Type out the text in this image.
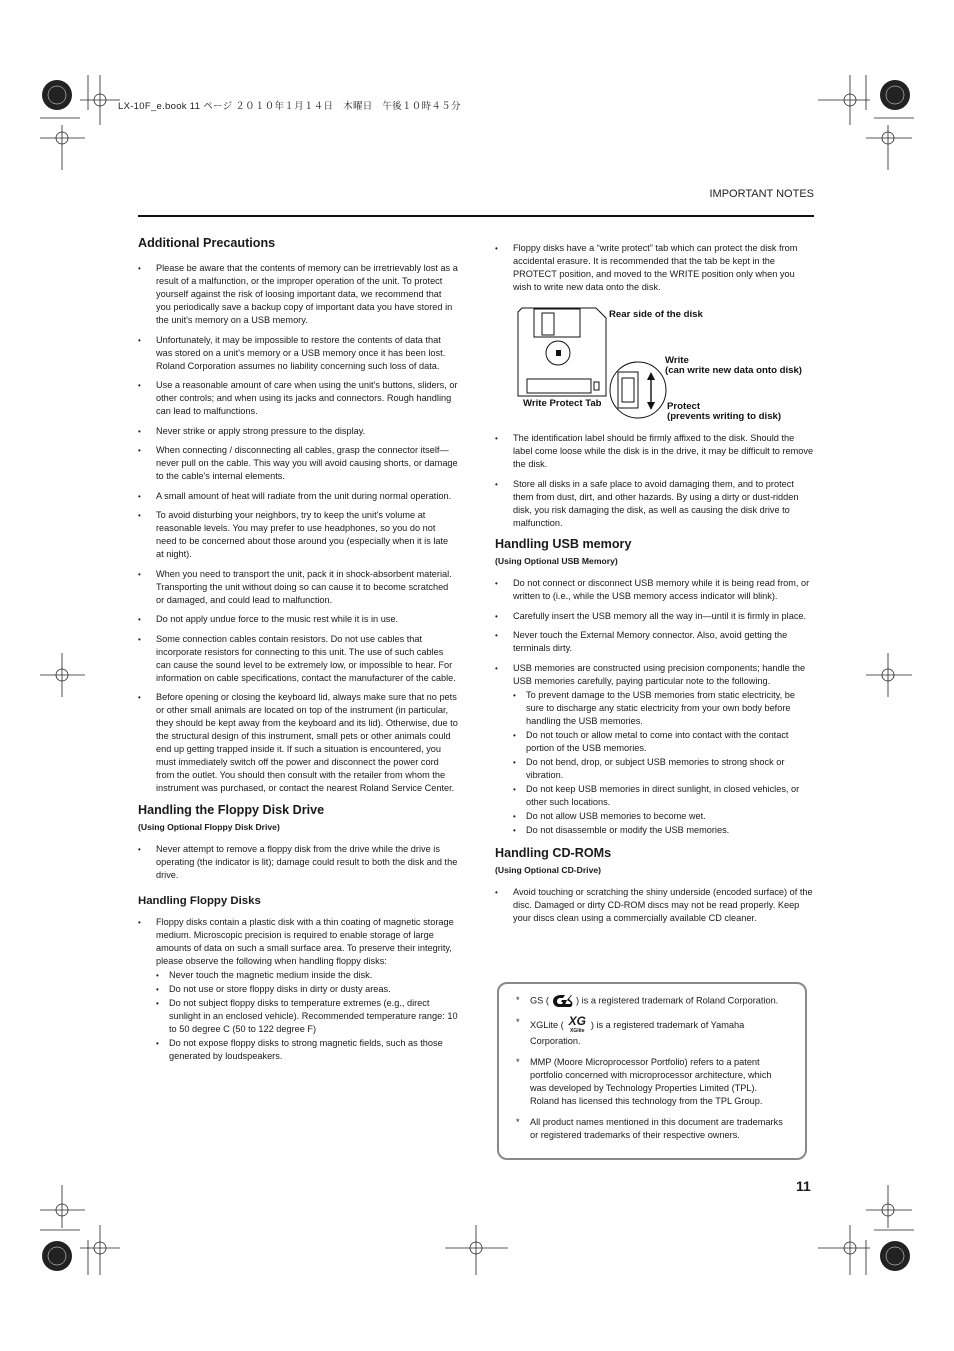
LX-10F_e.book 11 ページ ２０１０年１月１４日　木曜日　午後１０時４５分
IMPORTANT NOTES
Additional Precautions
• Please be aware that the contents of memory can be irretrievably lost as a result of a malfunction, or the improper operation of the unit. To protect yourself against the risk of loosing important data, we recommend that you periodically save a backup copy of important data you have stored in the unit's memory on a USB memory.
• Unfortunately, it may be impossible to restore the contents of data that was stored on a unit's memory or a USB memory once it has been lost. Roland Corporation assumes no liability concerning such loss of data.
• Use a reasonable amount of care when using the unit's buttons, sliders, or other controls; and when using its jacks and connectors. Rough handling can lead to malfunctions.
• Never strike or apply strong pressure to the display.
• When connecting / disconnecting all cables, grasp the connector itself—never pull on the cable. This way you will avoid causing shorts, or damage to the cable's internal elements.
• A small amount of heat will radiate from the unit during normal operation.
• To avoid disturbing your neighbors, try to keep the unit's volume at reasonable levels. You may prefer to use headphones, so you do not need to be concerned about those around you (especially when it is late at night).
• When you need to transport the unit, pack it in shock-absorbent material. Transporting the unit without doing so can cause it to become scratched or damaged, and could lead to malfunction.
• Do not apply undue force to the music rest while it is in use.
• Some connection cables contain resistors. Do not use cables that incorporate resistors for connecting to this unit. The use of such cables can cause the sound level to be extremely low, or impossible to hear. For information on cable specifications, contact the manufacturer of the cable.
• Before opening or closing the keyboard lid, always make sure that no pets or other small animals are located on top of the instrument (in particular, they should be kept away from the keyboard and its lid). Otherwise, due to the structural design of this instrument, small pets or other animals could end up getting trapped inside it. If such a situation is encountered, you must immediately switch off the power and disconnect the power cord from the outlet. You should then consult with the retailer from whom the instrument was purchased, or contact the nearest Roland Service Center.
Handling the Floppy Disk Drive
(Using Optional Floppy Disk Drive)
• Never attempt to remove a floppy disk from the drive while the drive is operating (the indicator is lit); damage could result to both the disk and the drive.
Handling Floppy Disks
• Floppy disks contain a plastic disk with a thin coating of magnetic storage medium. Microscopic precision is required to enable storage of large amounts of data on such a small surface area. To preserve their integrity, please observe the following when handling floppy disks:
• Never touch the magnetic medium inside the disk.
• Do not use or store floppy disks in dirty or dusty areas.
• Do not subject floppy disks to temperature extremes (e.g., direct sunlight in an enclosed vehicle). Recommended temperature range: 10 to 50 degree C (50 to 122 degree F)
• Do not expose floppy disks to strong magnetic fields, such as those generated by loudspeakers.
• Floppy disks have a “write protect” tab which can protect the disk from accidental erasure. It is recommended that the tab be kept in the PROTECT position, and moved to the WRITE position only when you wish to write new data onto the disk.
Rear side of the disk
Write
(can write new data onto disk)
Write Protect Tab	Protect
(prevents writing to disk)
• The identification label should be firmly affixed to the disk. Should the label come loose while the disk is in the drive, it may be difficult to remove the disk.
• Store all disks in a safe place to avoid damaging them, and to protect them from dust, dirt, and other hazards. By using a dirty or dust-ridden disk, you risk damaging the disk, as well as causing the disk drive to malfunction.
Handling USB memory
(Using Optional USB Memory)
• Do not connect or disconnect USB memory while it is being read from, or written to (i.e., while the USB memory access indicator will blink).
• Carefully insert the USB memory all the way in—until it is firmly in place.
• Never touch the External Memory connector. Also, avoid getting the terminals dirty.
• USB memories are constructed using precision components; handle the USB memories carefully, paying particular note to the following.
• To prevent damage to the USB memories from static electricity, be sure to discharge any static electricity from your own body before handling the USB memories.
• Do not touch or allow metal to come into contact with the contact portion of the USB memories.
• Do not bend, drop, or subject USB memories to strong shock or vibration.
• Do not keep USB memories in direct sunlight, in closed vehicles, or other such locations.
• Do not allow USB memories to become wet.
• Do not disassemble or modify the USB memories.
Handling CD-ROMs
(Using Optional CD-Drive)
• Avoid touching or scratching the shiny underside (encoded surface) of the disc. Damaged or dirty CD-ROM discs may not be read properly. Keep your discs clean using a commercially available CD cleaner.
* GS (	) is a registered trademark of Roland Corporation.
* XGLite ( XG
XGlite
) is a registered trademark of Yamaha Corporation.
* MMP (Moore Microprocessor Portfolio) refers to a patent portfolio concerned with microprocessor architecture, which was developed by Technology Properties Limited (TPL). Roland has licensed this technology from the TPL Group.
* All product names mentioned in this document are trademarks or registered trademarks of their respective owners.
11
